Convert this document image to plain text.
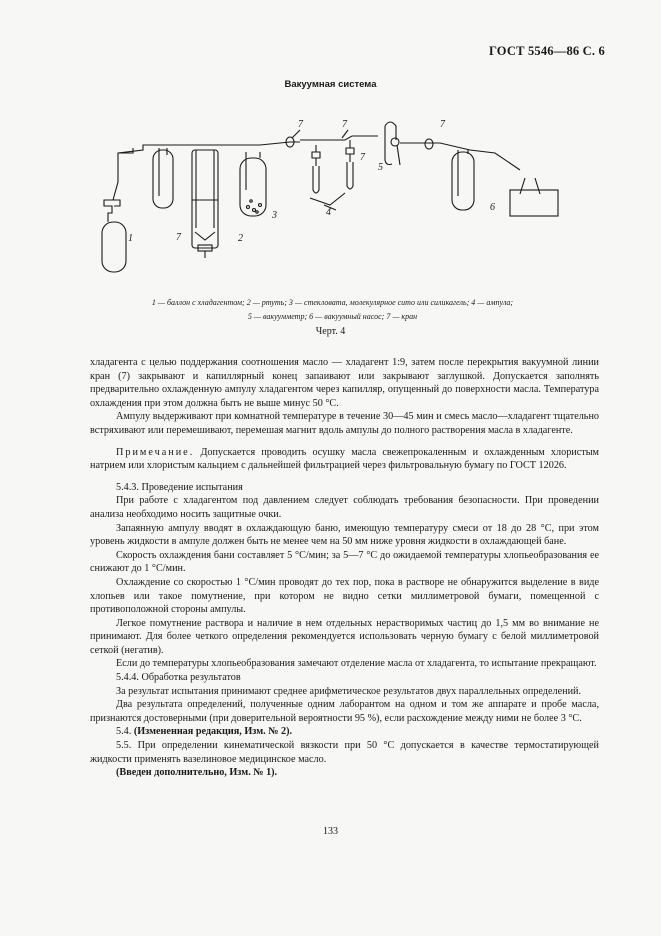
ГОСТ 5546—86 С. 6
Вакуумная система
1	2
3	4
5
6
7	7
7
7
7
1 — баллон с хладагентом; 2 — ртуть; 3 — стекловата, молекулярное сито или силикагель; 4 — ампула;
5 — вакуумметр; 6 — вакуумный насос; 7 — кран
Черт. 4

хладагента с целью поддержания соотношения масло — хладагент 1:9, затем после перекрытия вакуумной линии кран (7) закрывают и капиллярный конец запаивают или закрывают заглушкой. Допускается заполнять предварительно охлажденную ампулу хладагентом через капилляр, опущенный до поверхности масла. Температура охлаждения при этом должна быть не выше минус 50 °С.

Ампулу выдерживают при комнатной температуре в течение 30—45 мин и смесь масло—хладагент тщательно встряхивают или перемешивают, перемешая магнит вдоль ампулы до полного растворения масла в хладагенте.

Примечание. Допускается проводить осушку масла свежепрокаленным и охлажденным хлористым натрием или хлористым кальцием с дальнейшей фильтрацией через фильтровальную бумагу по ГОСТ 12026.

5.4.3. Проведение испытания

При работе с хладагентом под давлением следует соблюдать требования безопасности. При проведении анализа необходимо носить защитные очки.

Запаянную ампулу вводят в охлаждающую баню, имеющую температуру смеси от 18 до 28 °С, при этом уровень жидкости в ампуле должен быть не менее чем на 50 мм ниже уровня жидкости в охлаждающей бане.

Скорость охлаждения бани составляет 5 °С/мин; за 5—7 °С до ожидаемой температуры хлопьеобразования ее снижают до 1 °С/мин.

Охлаждение со скоростью 1 °С/мин проводят до тех пор, пока в растворе не обнаружится выделение в виде хлопьев или такое помутнение, при котором не видно сетки миллиметровой бумаги, помещенной с противоположной стороны ампулы.

Легкое помутнение раствора и наличие в нем отдельных нерастворимых частиц до 1,5 мм во внимание не принимают. Для более четкого определения рекомендуется использовать черную бумагу с белой миллиметровой сеткой (негатив).

Если до температуры хлопьеобразования замечают отделение масла от хладагента, то испытание прекращают.

5.4.4. Обработка результатов

За результат испытания принимают среднее арифметическое результатов двух параллельных определений.

Два результата определений, полученные одним лаборантом на одном и том же аппарате и пробе масла, признаются достоверными (при доверительной вероятности 95 %), если расхождение между ними не более 3 °С.

5.4. (Измененная редакция, Изм. № 2).

5.5. При определении кинематической вязкости при 50 °С допускается в качестве термостатирующей жидкости применять вазелиновое медицинское масло.

(Введен дополнительно, Изм. № 1).

133
